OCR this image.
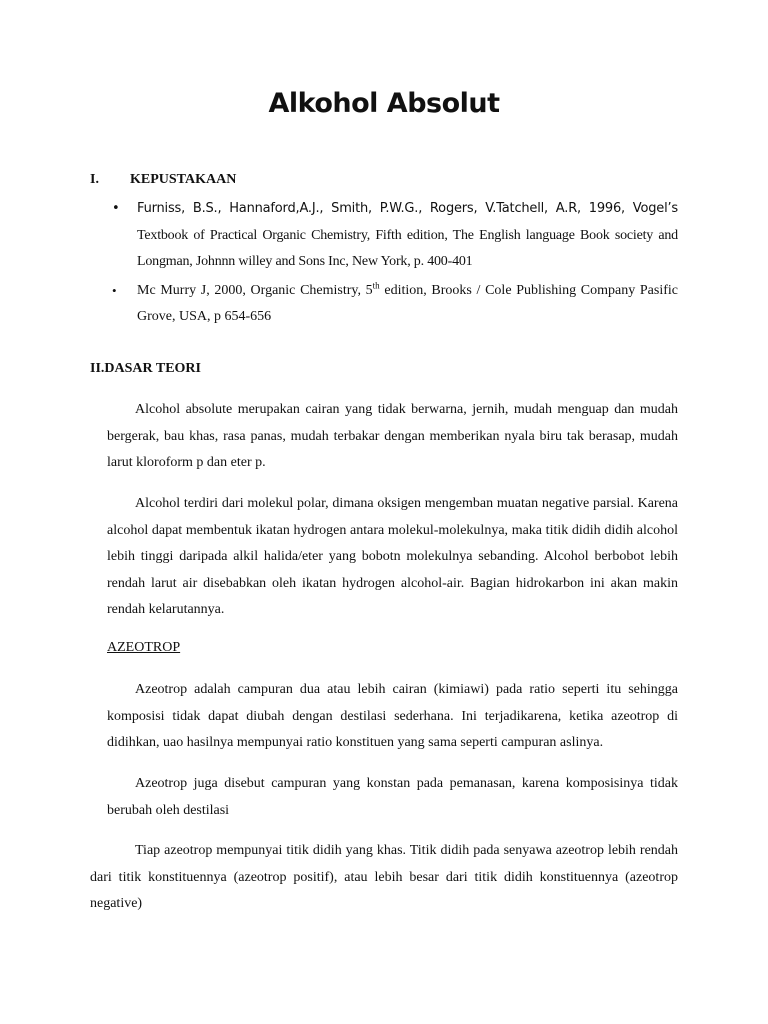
Alkohol Absolut
I. KEPUSTAKAAN
• Furniss, B.S., Hannaford,A.J., Smith, P.W.G., Rogers, V.Tatchell, A.R, 1996, Vogel’s Textbook of Practical Organic Chemistry, Fifth edition, The English language Book society and Longman, Johnnn willey and Sons Inc, New York, p. 400-401
• Mc Murry J, 2000, Organic Chemistry, 5th edition, Brooks / Cole Publishing Company Pasific Grove, USA, p 654-656
II.DASAR TEORI

Alcohol absolute merupakan cairan yang tidak berwarna, jernih, mudah menguap dan mudah bergerak, bau khas, rasa panas, mudah terbakar dengan memberikan nyala biru tak berasap, mudah larut kloroform p dan eter p.

Alcohol terdiri dari molekul polar, dimana oksigen mengemban muatan negative parsial. Karena alcohol dapat membentuk ikatan hydrogen antara molekul-molekulnya, maka titik didih didih alcohol lebih tinggi daripada alkil halida/eter yang bobotn molekulnya sebanding. Alcohol berbobot lebih rendah larut air disebabkan oleh ikatan hydrogen alcohol-air. Bagian hidrokarbon ini akan makin rendah kelarutannya.

AZEOTROP

Azeotrop adalah campuran dua atau lebih cairan (kimiawi) pada ratio seperti itu sehingga komposisi tidak dapat diubah dengan destilasi sederhana. Ini terjadikarena, ketika azeotrop di didihkan, uao hasilnya mempunyai ratio konstituen yang sama seperti campuran aslinya.

Azeotrop juga disebut campuran yang konstan pada pemanasan, karena komposisinya tidak berubah oleh destilasi

Tiap azeotrop mempunyai titik didih yang khas. Titik didih pada senyawa azeotrop lebih rendah dari titik konstituennya (azeotrop positif), atau lebih besar dari titik didih konstituennya (azeotrop negative)
